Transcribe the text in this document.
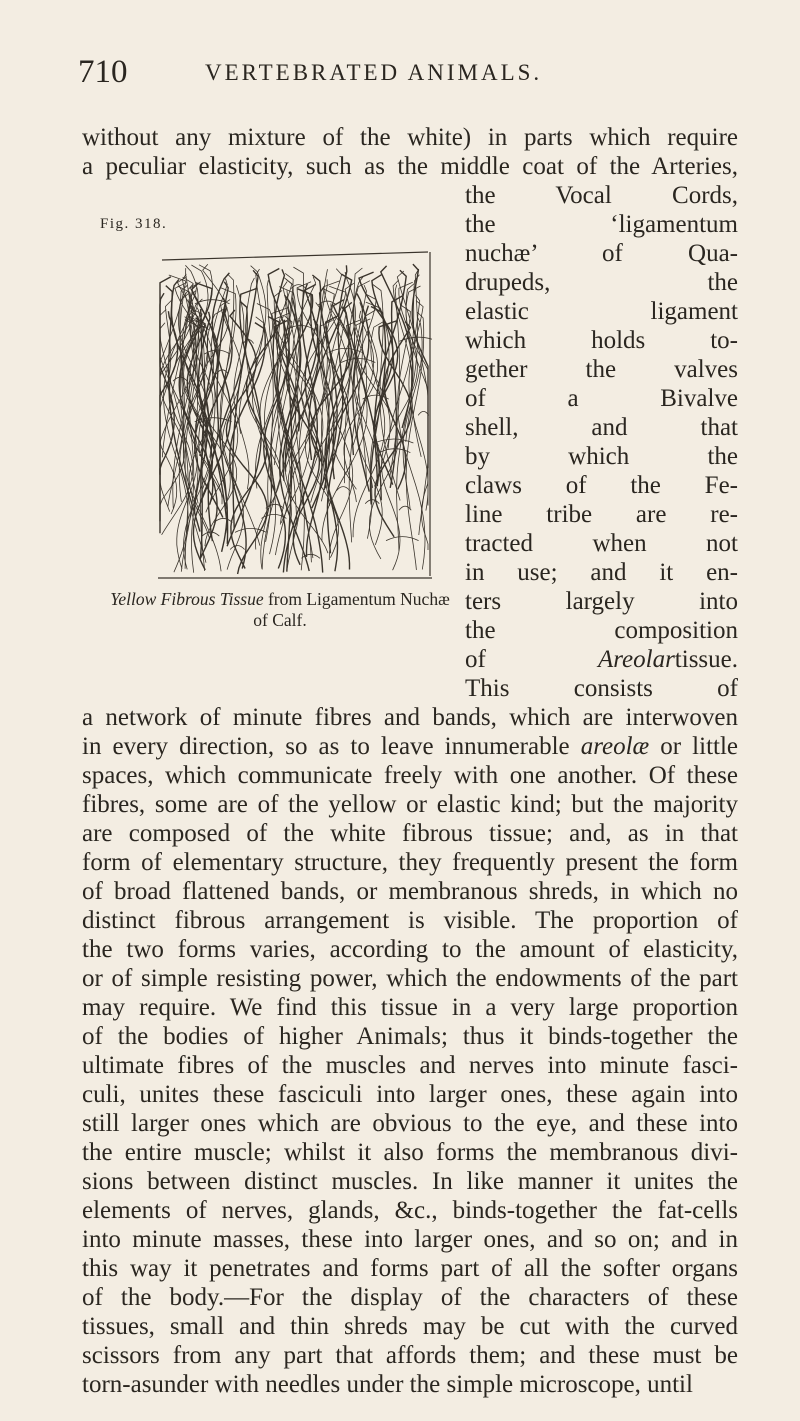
710	VERTEBRATED ANIMALS.
without any mixture of the white) in parts which require
a peculiar elasticity, such as the middle coat of the Arteries,
Fig. 318.
Yellow Fibrous Tissue from Ligamentum Nuchæ
of Calf.
the Vocal Cords,
the ‘ligamentum
nuchæ’ of Qua-
drupeds, the
elastic ligament
which holds to-
gether the valves
of a Bivalve
shell, and that
by which the
claws of the Fe-
line tribe are re-
tracted when not
in use; and it en-
ters largely into
the composition
of	Areolartissue.
This consists of
a network of minute fibres and bands, which are interwoven
in every direction, so as to leave innumerable areolæ or little
spaces, which communicate freely with one another. Of these
fibres, some are of the yellow or elastic kind; but the majority
are composed of the white fibrous tissue; and, as in that
form of elementary structure, they frequently present the form
of broad flattened bands, or membranous shreds, in which no
distinct fibrous arrangement is visible. The proportion of
the two forms varies, according to the amount of elasticity,
or of simple resisting power, which the endowments of the part
may require. We find this tissue in a very large proportion
of the bodies of higher Animals; thus it binds-together the
ultimate fibres of the muscles and nerves into minute fasci-
culi, unites these fasciculi into larger ones, these again into
still larger ones which are obvious to the eye, and these into
the entire muscle; whilst it also forms the membranous divi-
sions between distinct muscles. In like manner it unites the
elements of nerves, glands, &c., binds-together the fat-cells
into minute masses, these into larger ones, and so on; and in
this way it penetrates and forms part of all the softer organs
of the body.—For the display of the characters of these
tissues, small and thin shreds may be cut with the curved
scissors from any part that affords them; and these must be
torn-asunder with needles under the simple microscope, until
